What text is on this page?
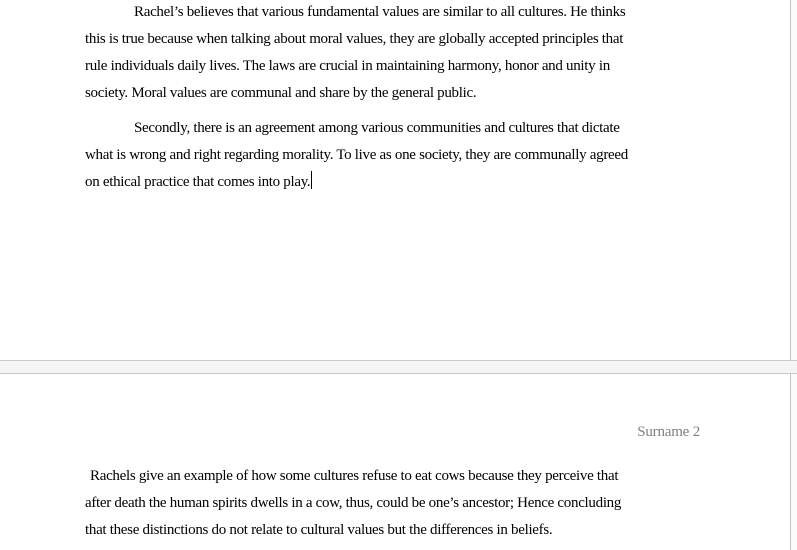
Rachel’s believes that various fundamental values are similar to all cultures. He thinks
this is true because when talking about moral values, they are globally accepted principles that
rule individuals daily lives. The laws are crucial in maintaining harmony, honor and unity in
society. Moral values are communal and share by the general public.
Secondly, there is an agreement among various communities and cultures that dictate
what is wrong and right regarding morality. To live as one society, they are communally agreed
on ethical practice that comes into play.
Surname 2
Rachels give an example of how some cultures refuse to eat cows because they perceive that
after death the human spirits dwells in a cow, thus, could be one’s ancestor; Hence concluding
that these distinctions do not relate to cultural values but the differences in beliefs.
